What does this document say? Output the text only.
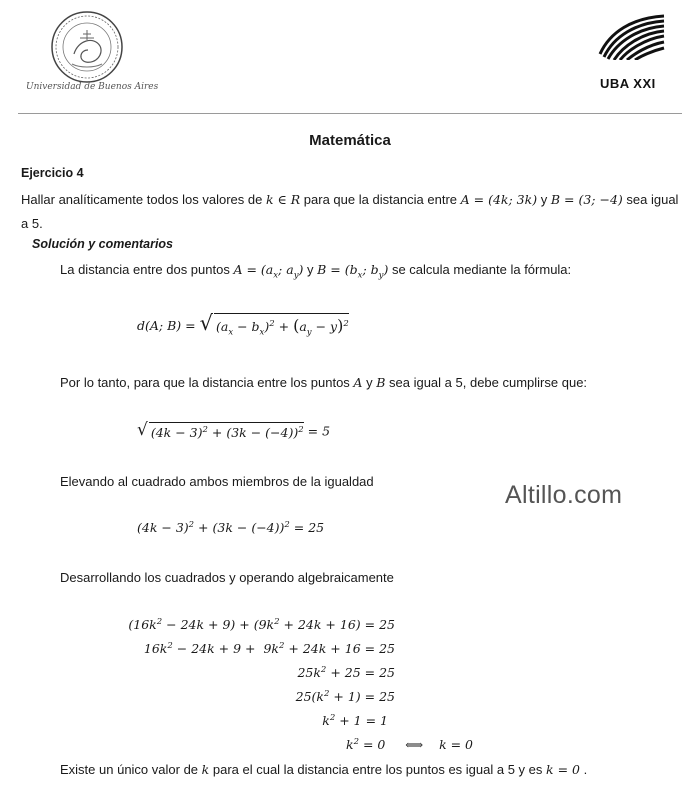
Universidad de Buenos Aires	UBA XXI
Matemática
Ejercicio 4
Hallar analíticamente todos los valores de k ∈ R para que la distancia entre A = (4k; 3k) y B = (3; −4) sea igual a 5.
Solución y comentarios
La distancia entre dos puntos $A = (a_x$; $a_y$) y $B = (b_x$; $b_y$) se calcula mediante la fórmula:
d(A; B) = √ $(a_x - b_x)^2 + (a_y - y)^2$
Por lo tanto, para que la distancia entre los puntos A y B sea igual a 5, debe cumplirse que:
√ $(4k - 3)^2 + (3k - (-4))^2 = 5$
Elevando al cuadrado ambos miembros de la igualdad	Altillo.com
$(4k - 3)^2 + (3k - (-4))^2 = 25$
Desarrollando los cuadrados y operando algebraicamente
$(16k^2 - 24k + 9) + (9k^2 + 24k + 16) = 25$
$16k^2 - 24k + 9 + 9k^2 + 24k + 16 = 25$
$25k^2 + 25 = 25$
$25(k^2 + 1) = 25$
$k^2 + 1 = 1$
$k^2 = 0$     ⟺    k = 0
Existe un único valor de k para el cual la distancia entre los puntos es igual a 5 y es k = 0 .
